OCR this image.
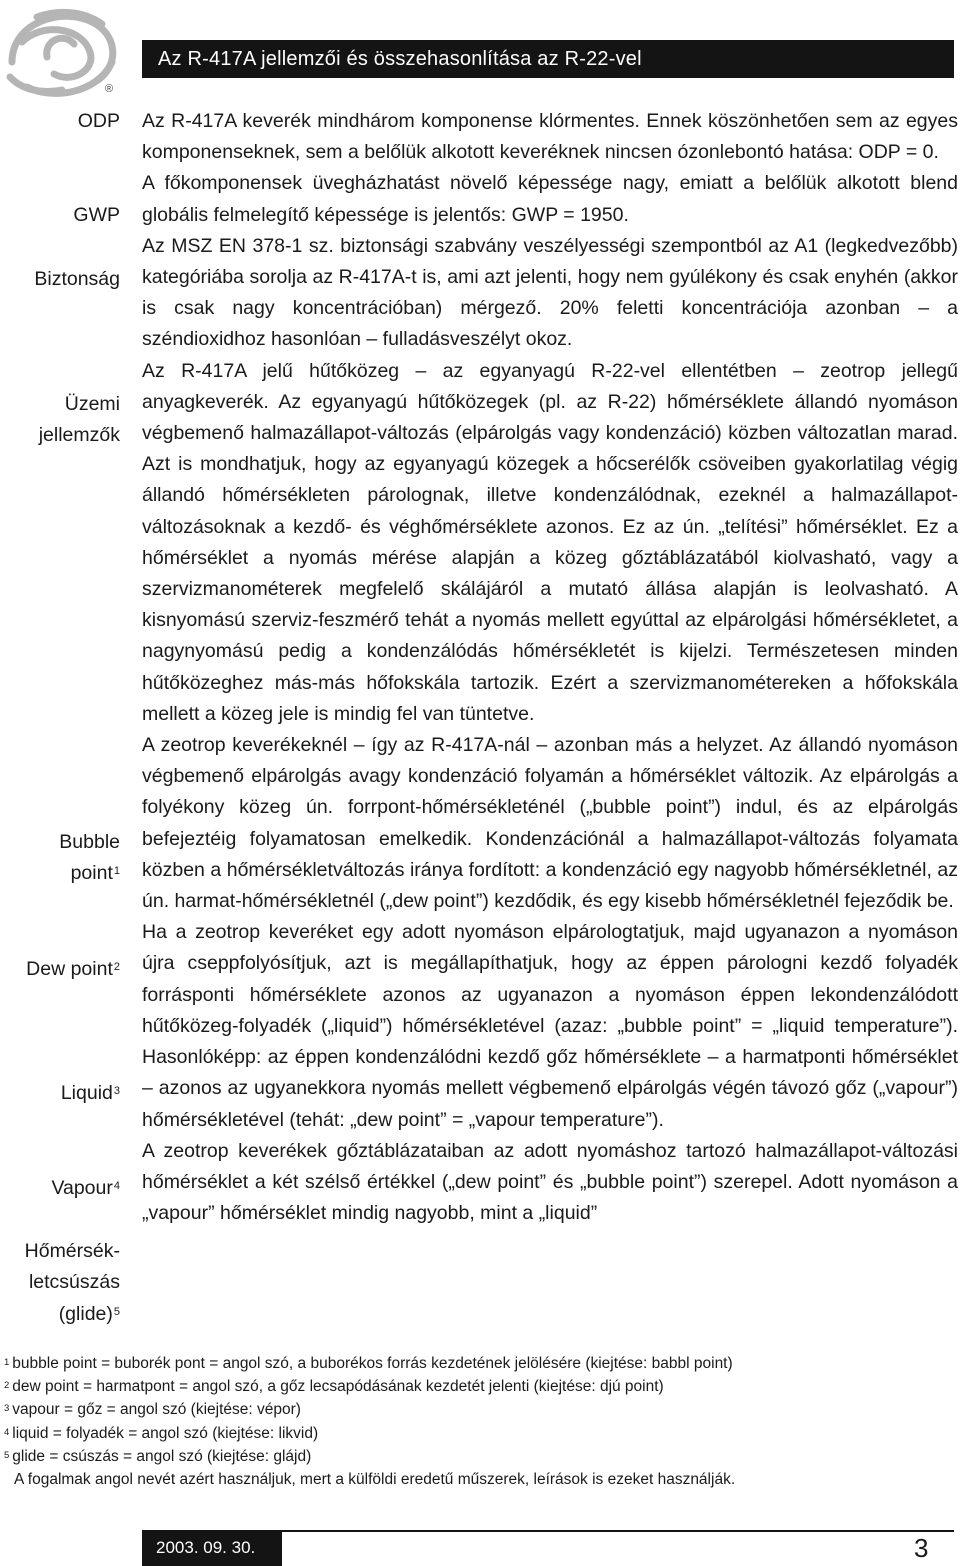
Az R-417A jellemzői és összehasonlítása az R-22-vel
®
ODP
GWP
Biztonság
Üzemi
jellemzők
Bubble
point$^1$
Dew point$^2$
Liquid$^3$
Vapour$^4$
Hőmérsék-
letcsúszás
(glide)$^5$

Az R-417A keverék mindhárom komponense klórmentes. Ennek köszönhetően sem az egyes komponenseknek, sem a belőlük alkotott keveréknek nincsen ózonlebontó hatása: ODP = 0.

A főkomponensek üvegházhatást növelő képessége nagy, emiatt a belőlük alkotott blend globális felmelegítő képessége is jelentős: GWP = 1950.

Az MSZ EN 378-1 sz. biztonsági szabvány veszélyességi szempontból az A1 (legkedvezőbb) kategóriába sorolja az R-417A-t is, ami azt jelenti, hogy nem gyúlékony és csak enyhén (akkor is csak nagy koncentrációban) mérgező. 20% feletti koncentrációja azonban – a széndioxidhoz hasonlóan – fulladásveszélyt okoz.

Az R-417A jelű hűtőközeg – az egyanyagú R-22-vel ellentétben – zeotrop jellegű anyagkeverék. Az egyanyagú hűtőközegek (pl. az R-22) hőmérséklete állandó nyomáson végbemenő halmazállapot-változás (elpárolgás vagy kondenzáció) közben változatlan marad. Azt is mondhatjuk, hogy az egyanyagú közegek a hőcserélők csöveiben gyakorlatilag végig állandó hőmérsékleten párolognak, illetve kondenzálódnak, ezeknél a halmazállapot-változásoknak a kezdő- és véghőmérséklete azonos. Ez az ún. „telítési” hőmérséklet. Ez a hőmérséklet a nyomás mérése alapján a közeg gőztáblázatából kiolvasható, vagy a szervizmanométerek megfelelő skálájáról a mutató állása alapján is leolvasható. A kisnyomású szerviz-feszmérő tehát a nyomás mellett egyúttal az elpárolgási hőmérsékletet, a nagynyomású pedig a kondenzálódás hőmérsékletét is kijelzi. Természetesen minden hűtőközeghez más-más hőfokskála tartozik. Ezért a szervizmanométereken a hőfokskála mellett a közeg jele is mindig fel van tüntetve.

A zeotrop keverékeknél – így az R-417A-nál – azonban más a helyzet. Az állandó nyomáson végbemenő elpárolgás avagy kondenzáció folyamán a hőmérséklet változik. Az elpárolgás a folyékony közeg ún. forrpont-hőmérsékleténél („bubble point”) indul, és az elpárolgás befejeztéig folyamatosan emelkedik. Kondenzációnál a halmazállapot-változás folyamata közben a hőmérsékletváltozás iránya fordított: a kondenzáció egy nagyobb hőmérsékletnél, az ún. harmat-hőmérsékletnél („dew point”) kezdődik, és egy kisebb hőmérsékletnél fejeződik be.

Ha a zeotrop keveréket egy adott nyomáson elpárologtatjuk, majd ugyanazon a nyomáson újra cseppfolyósítjuk, azt is megállapíthatjuk, hogy az éppen párologni kezdő folyadék forrásponti hőmérséklete azonos az ugyanazon a nyomáson éppen lekondenzálódott hűtőközeg-folyadék („liquid”) hőmérsékletével (azaz: „bubble point” = „liquid temperature”). Hasonlóképp: az éppen kondenzálódni kezdő gőz hőmérséklete – a harmatponti hőmérséklet – azonos az ugyanekkora nyomás mellett végbemenő elpárolgás végén távozó gőz („vapour”) hőmérsékletével (tehát: „dew point” = „vapour temperature”).

A zeotrop keverékek gőztáblázataiban az adott nyomáshoz tartozó halmazállapot-változási hőmérséklet a két szélső értékkel („dew point” és „bubble point”) szerepel. Adott nyomáson a „vapour” hőmérséklet mindig nagyobb, mint a „liquid”

$^1$ bubble point = buborék pont = angol szó, a buborékos forrás kezdetének jelölésére (kiejtése: babbl point)

$^2$ dew point = harmatpont = angol szó, a gőz lecsapódásának kezdetét jelenti (kiejtése: djú point)

$^3$ vapour = gőz = angol szó (kiejtése: vépor)

$^4$ liquid = folyadék = angol szó (kiejtése: likvid)

$^5$ glide = csúszás = angol szó (kiejtése: glájd)

A fogalmak angol nevét azért használjuk, mert a külföldi eredetű műszerek, leírások is ezeket használják.

2003. 09. 30.	3
